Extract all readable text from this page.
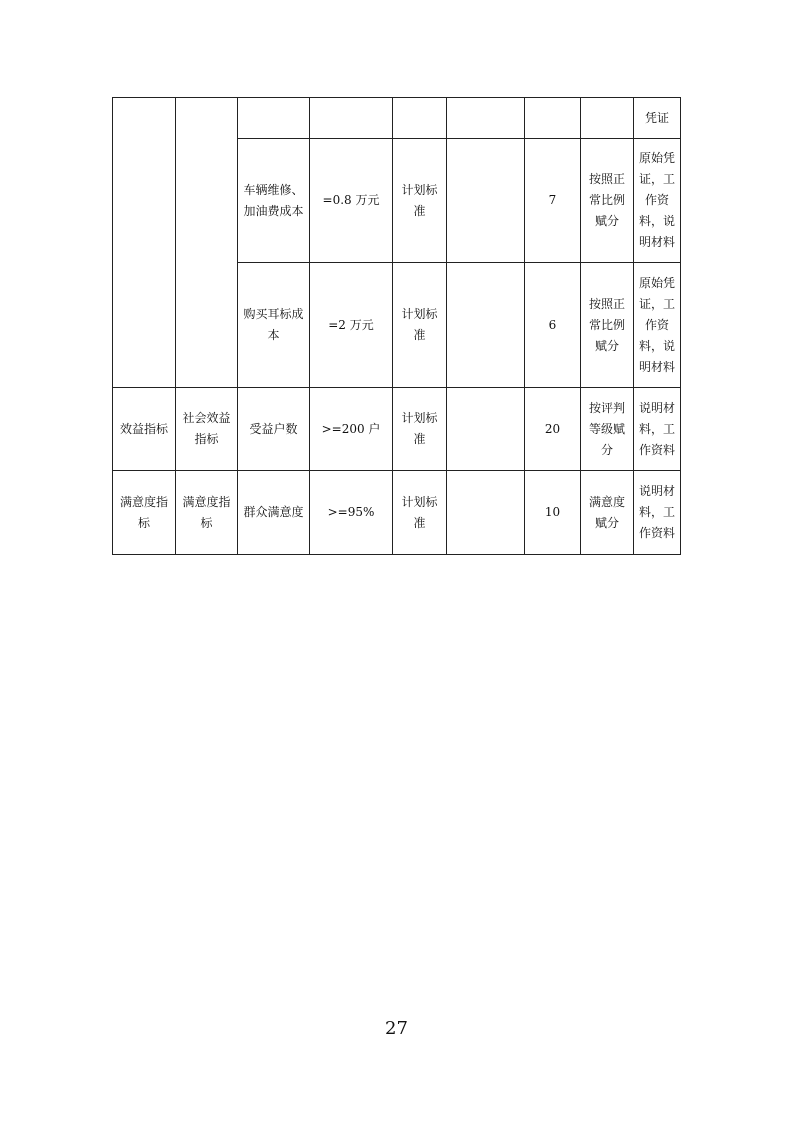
								凭证
		车辆维修、加油费成本	=0.8 万元	计划标准		7	按照正常比例赋分	原始凭证，工作资料，说明材料
		购买耳标成本	=2 万元	计划标准		6	按照正常比例赋分	原始凭证，工作资料，说明材料
效益指标	社会效益指标	受益户数	>=200 户	计划标准		20	按评判等级赋分	说明材料，工作资料
满意度指标	满意度指标	群众满意度	>=95%	计划标准		10	满意度赋分	说明材料，工作资料
27
